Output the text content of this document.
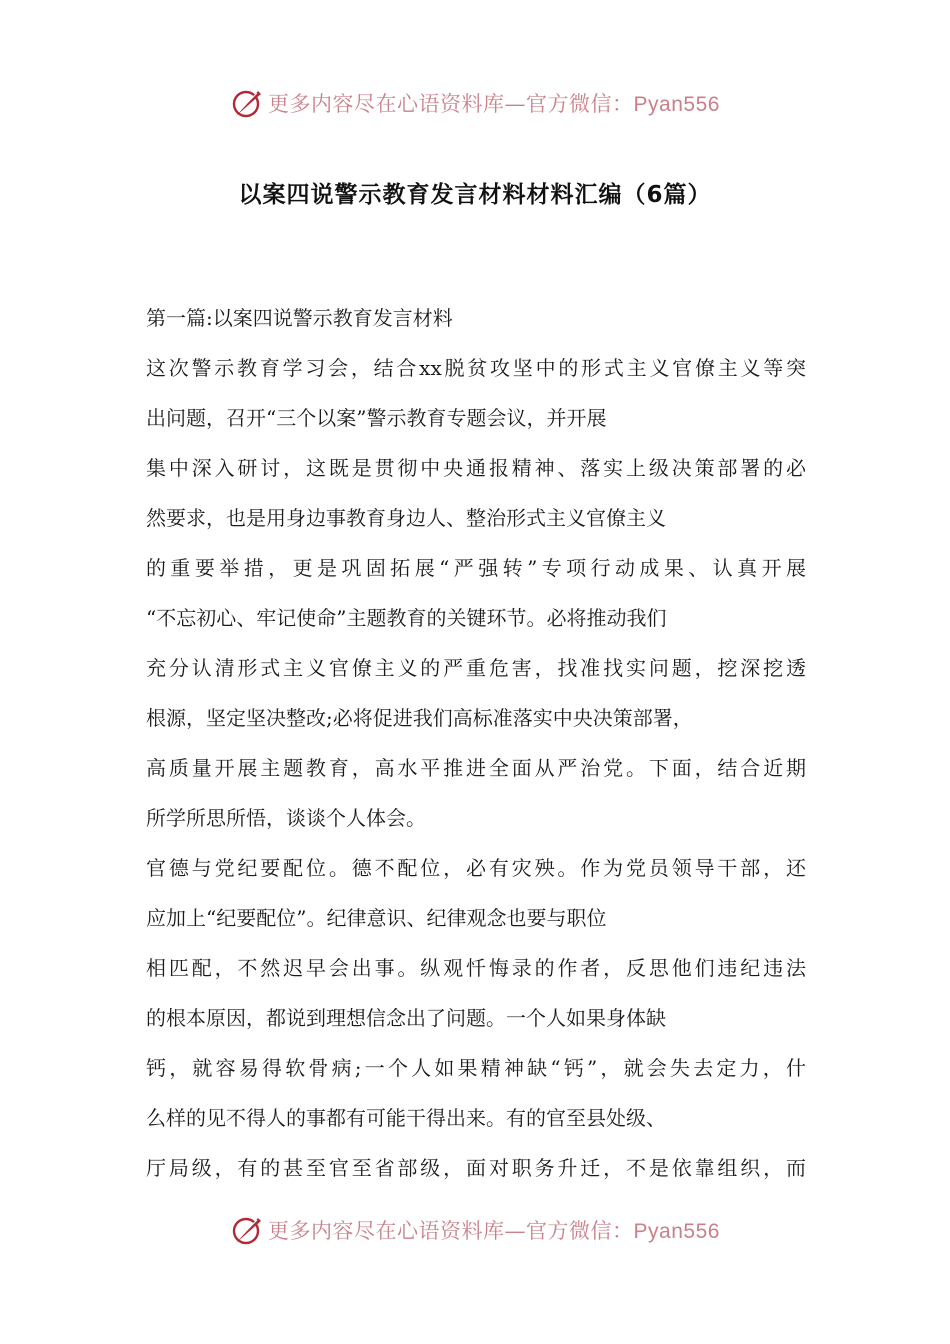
更多内容尽在心语资料库—官方微信：Pyan556
以案四说警示教育发言材料材料汇编（6篇）
第一篇:以案四说警示教育发言材料
这次警示教育学习会，结合xx脱贫攻坚中的形式主义官僚主义等突
出问题，召开“三个以案”警示教育专题会议，并开展
集中深入研讨，这既是贯彻中央通报精神、落实上级决策部署的必
然要求，也是用身边事教育身边人、整治形式主义官僚主义
的重要举措，更是巩固拓展“严强转”专项行动成果、认真开展
“不忘初心、牢记使命”主题教育的关键环节。必将推动我们
充分认清形式主义官僚主义的严重危害，找准找实问题，挖深挖透
根源，坚定坚决整改;必将促进我们高标准落实中央决策部署，
高质量开展主题教育，高水平推进全面从严治党。下面，结合近期
所学所思所悟，谈谈个人体会。
官德与党纪要配位。德不配位，必有灾殃。作为党员领导干部，还
应加上“纪要配位”。纪律意识、纪律观念也要与职位
相匹配，不然迟早会出事。纵观忏悔录的作者，反思他们违纪违法
的根本原因，都说到理想信念出了问题。一个人如果身体缺
钙，就容易得软骨病;一个人如果精神缺“钙”，就会失去定力，什
么样的见不得人的事都有可能干得出来。有的官至县处级、
厅局级，有的甚至官至省部级，面对职务升迁，不是依靠组织，而
更多内容尽在心语资料库—官方微信：Pyan556
